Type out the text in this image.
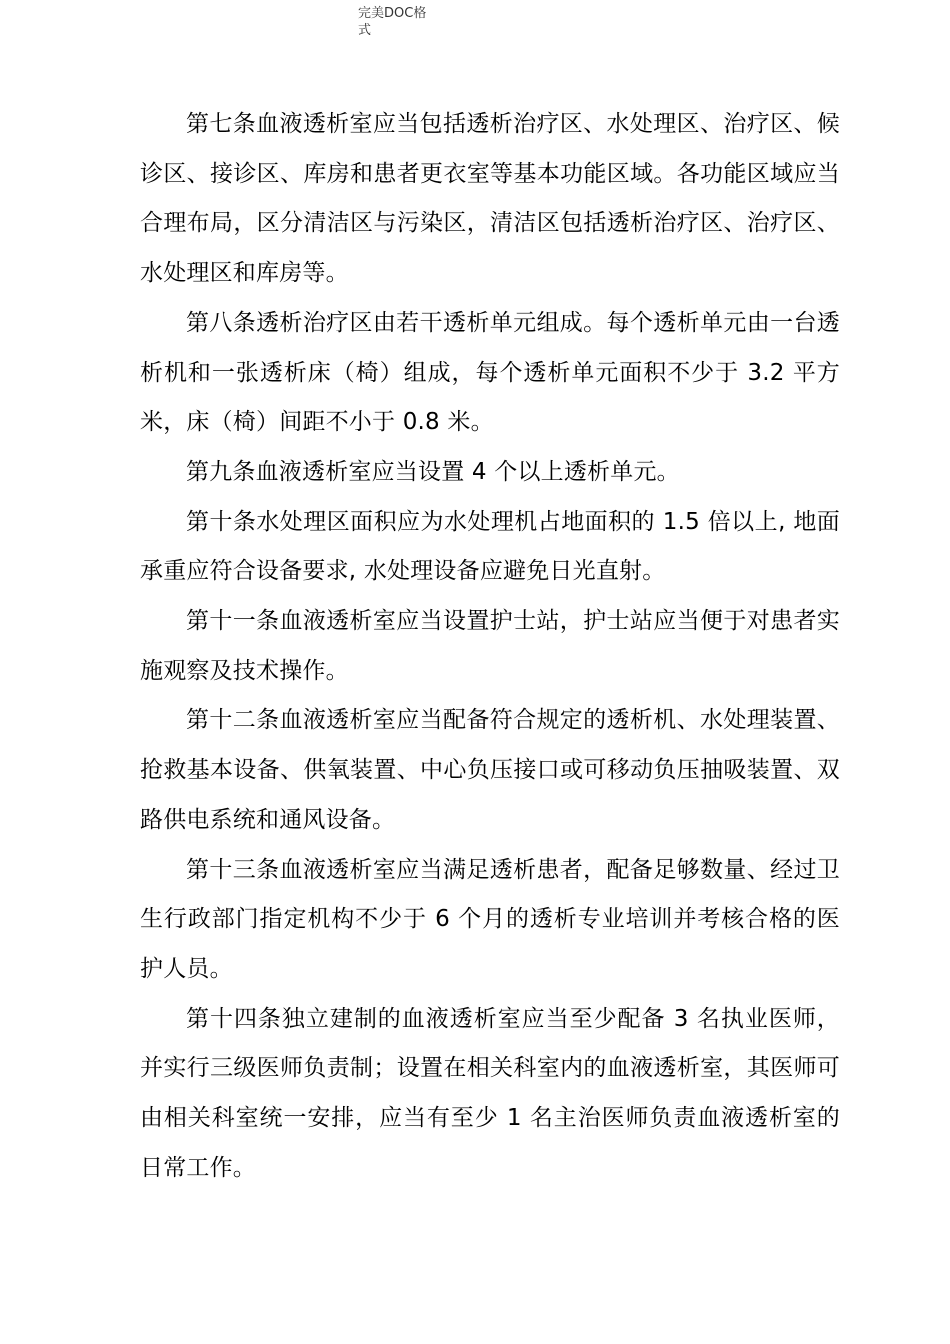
完美DOC格
式

第七条血液透析室应当包括透析治疗区、水处理区、治疗区、候诊区、接诊区、库房和患者更衣室等基本功能区域。各功能区域应当合理布局，区分清洁区与污染区，清洁区包括透析治疗区、治疗区、水处理区和库房等。

第八条透析治疗区由若干透析单元组成。每个透析单元由一台透析机和一张透析床（椅）组成，每个透析单元面积不少于 3.2 平方米，床（椅）间距不小于 0.8 米。

第九条血液透析室应当设置 4 个以上透析单元。

第十条水处理区面积应为水处理机占地面积的 1.5 倍以上, 地面承重应符合设备要求, 水处理设备应避免日光直射。

第十一条血液透析室应当设置护士站，护士站应当便于对患者实施观察及技术操作。

第十二条血液透析室应当配备符合规定的透析机、水处理装置、抢救基本设备、供氧装置、中心负压接口或可移动负压抽吸装置、双路供电系统和通风设备。

第十三条血液透析室应当满足透析患者，配备足够数量、经过卫生行政部门指定机构不少于 6 个月的透析专业培训并考核合格的医护人员。

第十四条独立建制的血液透析室应当至少配备 3 名执业医师，并实行三级医师负责制；设置在相关科室内的血液透析室，其医师可由相关科室统一安排，应当有至少 1 名主治医师负责血液透析室的日常工作。
